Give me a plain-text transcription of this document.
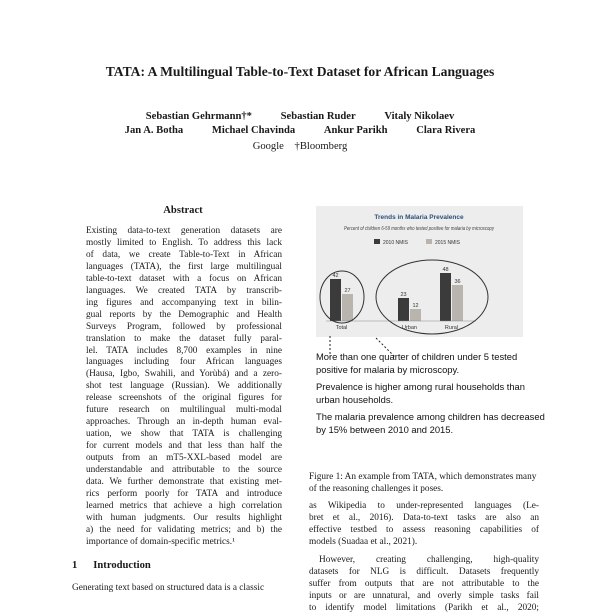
TATA: A Multilingual Table-to-Text Dataset for African Languages
Sebastian Gehrmann†*	Sebastian Ruder	Vitaly Nikolaev
Jan A. Botha	Michael Chavinda	Ankur Parikh	Clara Rivera
Google †Bloomberg
Abstract
Existing data-to-text generation datasets are
mostly limited to English. To address this lack
of data, we create Table-to-Text in African
languages (TATA), the first large multilingual
table-to-text dataset with a focus on African
languages. We created TATA by transcrib-
ing figures and accompanying text in bilin-
gual reports by the Demographic and Health
Surveys Program, followed by professional
translation to make the dataset fully paral-
lel. TATA includes 8,700 examples in nine
languages including four African languages
(Hausa, Igbo, Swahili, and Yorùbá) and a zero-
shot test language (Russian). We additionally
release screenshots of the original figures for
future research on multilingual multi-modal
approaches. Through an in-depth human eval-
uation, we show that TATA is challenging
for current models and that less than half the
outputs from an mT5-XXL-based model are
understandable and attributable to the source
data. We further demonstrate that existing met-
rics perform poorly for TATA and introduce
learned metrics that achieve a high correlation
with human judgments. Our results highlight
a) the need for validating metrics; and b) the
importance of domain-specific metrics.¹
1 Introduction
Generating text based on structured data is a classic
Trends in Malaria Prevalence
Percent of children 6-59 months who tested positive for malaria by microscopy
2010 NMIS	2015 NMIS
42
27
Total
23
12
Urban
48
36
Rural
More than one quarter of children under 5 tested positive for malaria by microscopy.
Prevalence is higher among rural households than urban households.
The malaria prevalence among children has decreased by 15% between 2010 and 2015.
Figure 1: An example from TATA, which demonstrates many of the reasoning challenges it poses.
as Wikipedia to under-represented languages (Le-
bret et al., 2016). Data-to-text tasks are also an
effective testbed to assess reasoning capabilities of
models (Suadaa et al., 2021).
However, creating challenging, high-quality
datasets for NLG is difficult. Datasets frequently
suffer from outputs that are not attributable to the
inputs or are unnatural, and overly simple tasks fail
to identify model limitations (Parikh et al., 2020;
